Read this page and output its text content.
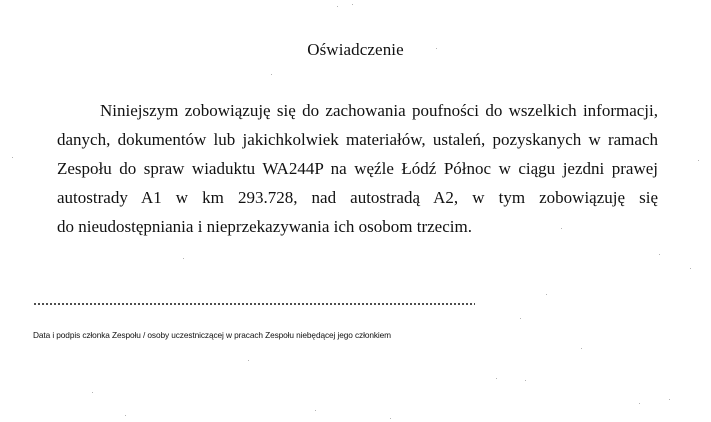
Oświadczenie
Niniejszym zobowiązuję się do zachowania poufności do wszelkich informacji,
danych, dokumentów lub jakichkolwiek materiałów, ustaleń, pozyskanych w ramach
Zespołu do spraw wiaduktu WA244P na węźle Łódź Północ w ciągu jezdni prawej
autostrady A1 w km 293.728, nad autostradą A2, w tym zobowiązuję się
do nieudostępniania i nieprzekazywania ich osobom trzecim.
Data i podpis członka Zespołu / osoby uczestniczącej w pracach Zespołu niebędącej jego członkiem
